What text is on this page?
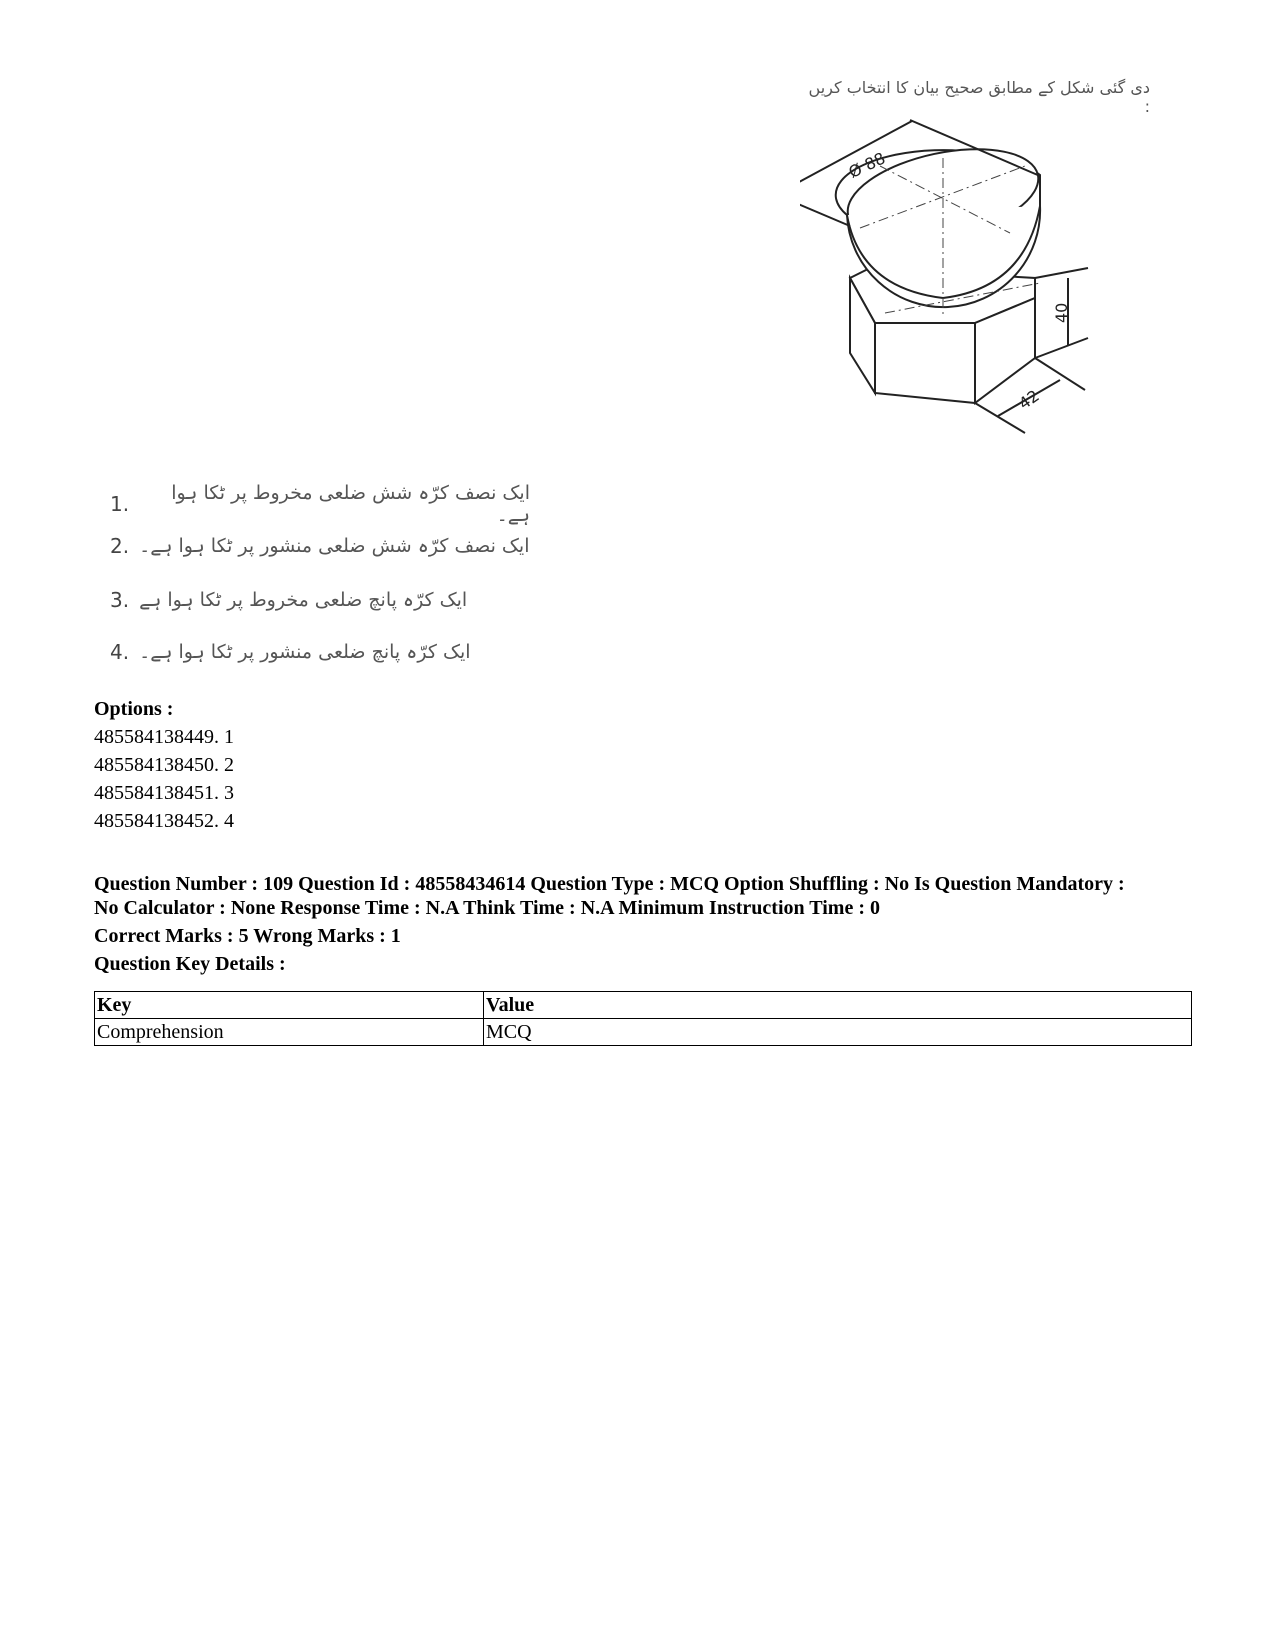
دی گئی شکل کے مطابق صحیح بیان کا انتخاب کریں :
Ø 88
40
42
1.	ایک نصف کرّہ شش ضلعی مخروط پر ٹکا ہوا ہے۔
2. ایک نصف کرّہ شش ضلعی منشور پر ٹکا ہوا ہے۔
3. ایک کرّہ پانچ ضلعی مخروط پر ٹکا ہوا ہے
4. ایک کرّہ پانچ ضلعی منشور پر ٹکا ہوا ہے۔
Options :
485584138449. 1
485584138450. 2
485584138451. 3
485584138452. 4
Question Number : 109 Question Id : 48558434614 Question Type : MCQ Option Shuffling : No Is Question Mandatory :
No Calculator : None Response Time : N.A Think Time : N.A Minimum Instruction Time : 0
Correct Marks : 5 Wrong Marks : 1
Question Key Details :
Key	Value
Comprehension	MCQ
